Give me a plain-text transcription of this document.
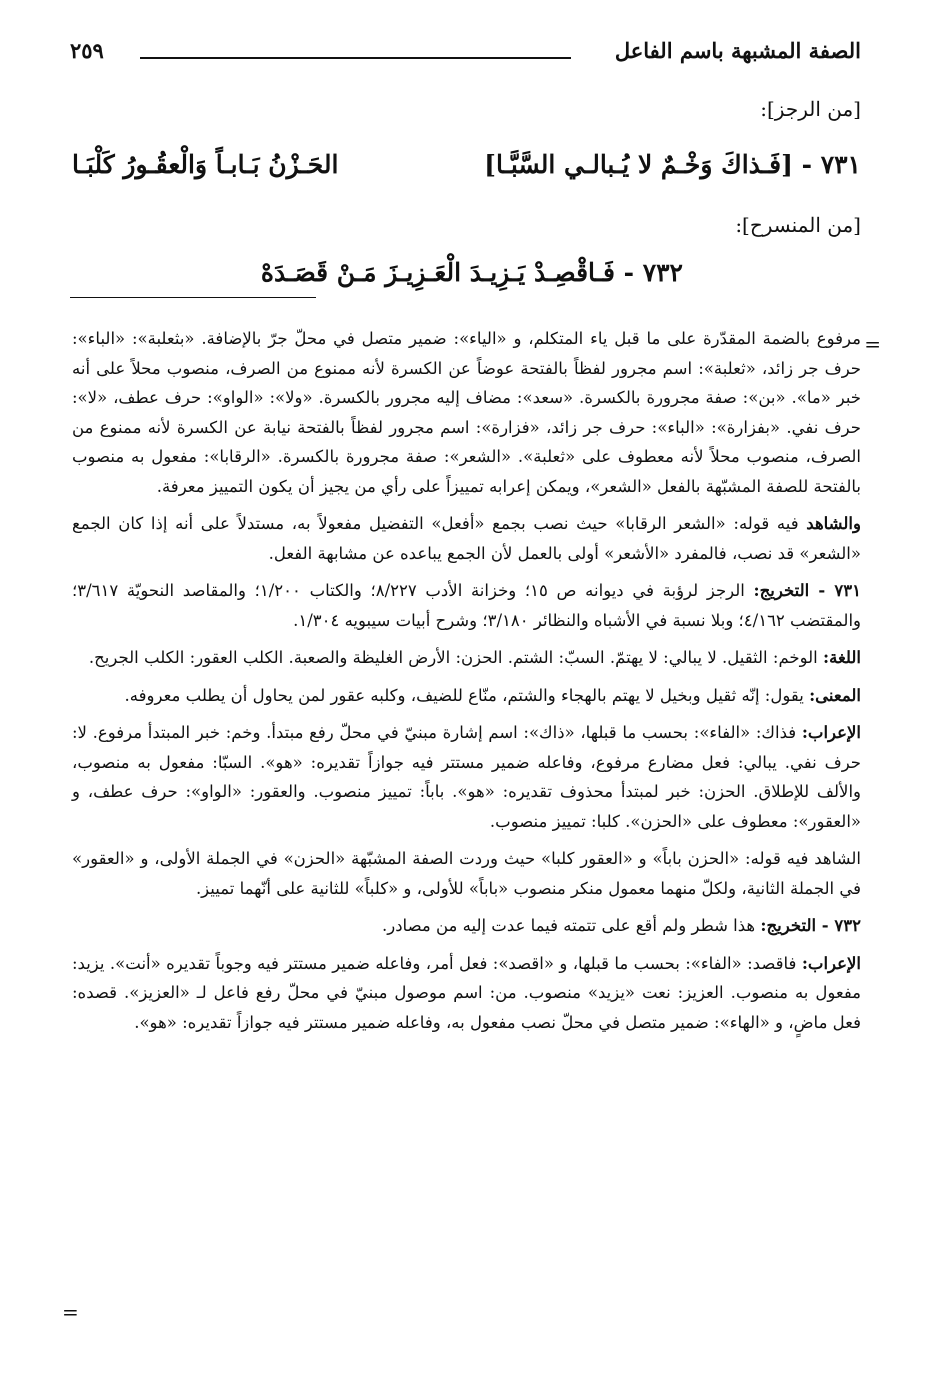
الصفة المشبهة باسم الفاعل
٢٥٩
[من الرجز]:
٧٣١ - [فَـذاكَ وَخْـمٌ لا يُـبالـي السَّبَّـا]
الحَـزْنُ بَـابـاً وَالْعقُـورُ كَلْبَـا
[من المنسرح]:
٧٣٢ - فَـاقْصِـدْ يَـزِيـدَ الْعَـزِيـزَ مَـنْ قَصَـدَهْ
=

مرفوع بالضمة المقدّرة على ما قبل ياء المتكلم، و «الياء»: ضمير متصل في محلّ جرّ بالإضافة. «بثعلبة»: «الباء»: حرف جر زائد، «ثعلبة»: اسم مجرور لفظاً بالفتحة عوضاً عن الكسرة لأنه ممنوع من الصرف، منصوب محلاً على أنه خبر «ما». «بن»: صفة مجرورة بالكسرة. «سعد»: مضاف إليه مجرور بالكسرة. «ولا»: «الواو»: حرف عطف، «لا»: حرف نفي. «بفزارة»: «الباء»: حرف جر زائد، «فزارة»: اسم مجرور لفظاً بالفتحة نيابة عن الكسرة لأنه ممنوع من الصرف، منصوب محلاً لأنه معطوف على «ثعلبة». «الشعر»: صفة مجرورة بالكسرة. «الرقابا»: مفعول به منصوب بالفتحة للصفة المشبّهة بالفعل «الشعر»، ويمكن إعرابه تمييزاً على رأي من يجيز أن يكون التمييز معرفة.

والشاهد فيه قوله: «الشعر الرقابا» حيث نصب بجمع «أفعل» التفضيل مفعولاً به، مستدلاً على أنه إذا كان الجمع «الشعر» قد نصب، فالمفرد «الأشعر» أولى بالعمل لأن الجمع يباعده عن مشابهة الفعل.

٧٣١ - التخريج: الرجز لرؤبة في ديوانه ص ١٥؛ وخزانة الأدب ٨/٢٢٧؛ والكتاب ١/٢٠٠؛ والمقاصد النحويّة ٣/٦١٧؛ والمقتضب ٤/١٦٢؛ وبلا نسبة في الأشباه والنظائر ٣/١٨٠؛ وشرح أبيات سيبويه ١/٣٠٤.

اللغة: الوخم: الثقيل. لا يبالي: لا يهتمّ. السبّ: الشتم. الحزن: الأرض الغليظة والصعبة. الكلب العقور: الكلب الجريح.

المعنى: يقول: إنّه ثقيل وبخيل لا يهتم بالهجاء والشتم، منّاع للضيف، وكلبه عقور لمن يحاول أن يطلب معروفه.

الإعراب: فذاك: «الفاء»: بحسب ما قبلها، «ذاك»: اسم إشارة مبنيّ في محلّ رفع مبتدأ. وخم: خبر المبتدأ مرفوع. لا: حرف نفي. يبالي: فعل مضارع مرفوع، وفاعله ضمير مستتر فيه جوازاً تقديره: «هو». السبّا: مفعول به منصوب، والألف للإطلاق. الحزن: خبر لمبتدأ محذوف تقديره: «هو». باباً: تمييز منصوب. والعقور: «الواو»: حرف عطف، و «العقور»: معطوف على «الحزن». كلبا: تمييز منصوب.

الشاهد فيه قوله: «الحزن باباً» و «العقور كلبا» حيث وردت الصفة المشبّهة «الحزن» في الجملة الأولى، و «العقور» في الجملة الثانية، ولكلّ منهما معمول منكر منصوب «باباً» للأولى، و «كلباً» للثانية على أنّهما تمييز.

٧٣٢ - التخريج: هذا شطر ولم أقع على تتمته فيما عدت إليه من مصادر.

الإعراب: فاقصد: «الفاء»: بحسب ما قبلها، و «اقصد»: فعل أمر، وفاعله ضمير مستتر فيه وجوباً تقديره «أنت». يزيد: مفعول به منصوب. العزيز: نعت «يزيد» منصوب. من: اسم موصول مبنيّ في محلّ رفع فاعل لـ «العزيز». قصده: فعل ماضٍ، و «الهاء»: ضمير متصل في محلّ نصب مفعول به، وفاعله ضمير مستتر فيه جوازاً تقديره: «هو».

=
